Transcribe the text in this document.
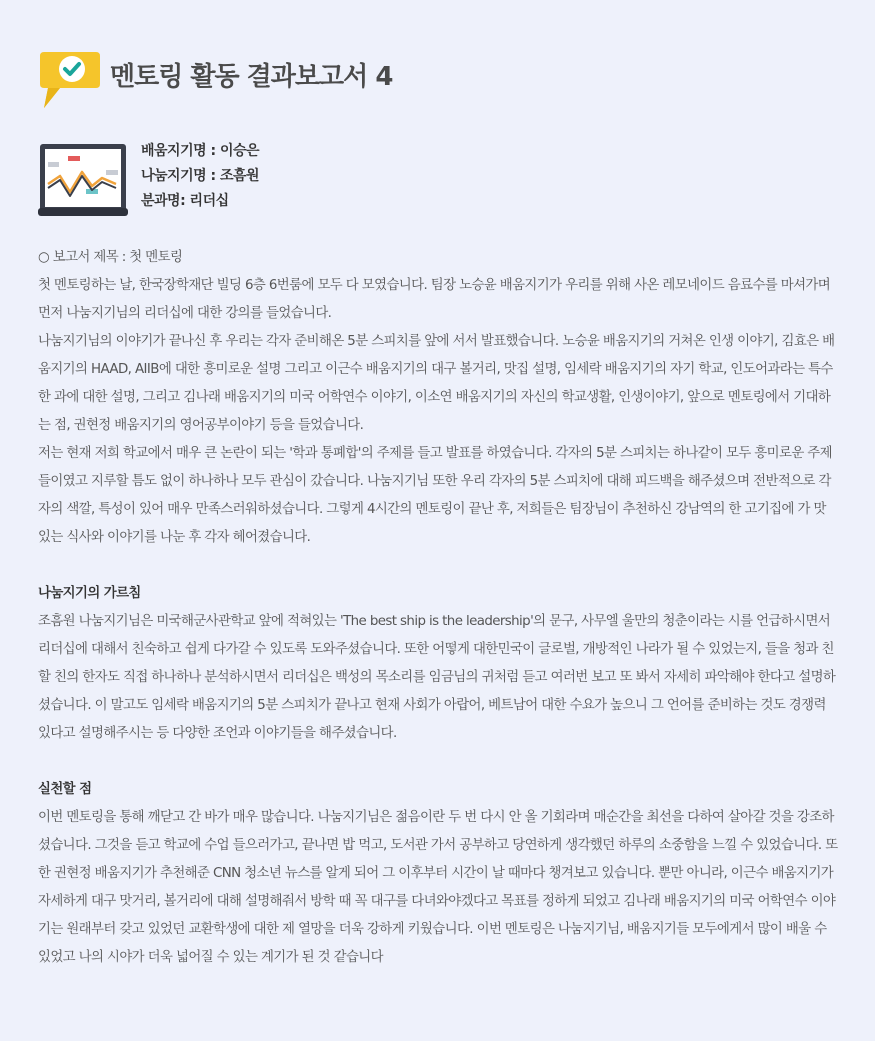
멘토링 활동 결과보고서 4
배움지기명 : 이승은
나눔지기명 : 조흠원
분과명: 리더십

○ 보고서 제목 : 첫 멘토링

첫 멘토링하는 날, 한국장학재단 빌딩 6층 6번룸에 모두 다 모였습니다. 팀장 노승윤 배움지기가 우리를 위해 사온 레모네이드 음료수를 마셔가며 먼저 나눔지기님의 리더십에 대한 강의를 들었습니다.

나눔지기님의 이야기가 끝나신 후 우리는 각자 준비해온 5분 스피치를 앞에 서서 발표했습니다. 노승윤 배움지기의 거쳐온 인생 이야기, 김효은 배움지기의 HAAD, AIIB에 대한 흥미로운 설명 그리고 이근수 배움지기의 대구 볼거리, 맛집 설명, 임세락 배움지기의 자기 학교, 인도어과라는 특수한 과에 대한 설명, 그리고 김나래 배움지기의 미국 어학연수 이야기, 이소연 배움지기의 자신의 학교생활, 인생이야기, 앞으로 멘토링에서 기대하는 점, 권현정 배움지기의 영어공부이야기 등을 들었습니다.

저는 현재 저희 학교에서 매우 큰 논란이 되는 '학과 통폐합'의 주제를 들고 발표를 하였습니다. 각자의 5분 스피치는 하나같이 모두 흥미로운 주제들이였고 지루할 틈도 없이 하나하나 모두 관심이 갔습니다. 나눔지기님 또한 우리 각자의 5분 스피치에 대해 피드백을 해주셨으며 전반적으로 각자의 색깔, 특성이 있어 매우 만족스러워하셨습니다. 그렇게 4시간의 멘토링이 끝난 후, 저희들은 팀장님이 추천하신 강남역의 한 고기집에 가 맛있는 식사와 이야기를 나눈 후 각자 헤어졌습니다.

나눔지기의 가르침

조흠원 나눔지기님은 미국해군사관학교 앞에 적혀있는 'The best ship is the leadership'의 문구, 사무엘 울만의 청춘이라는 시를 언급하시면서 리더십에 대해서 친숙하고 쉽게 다가갈 수 있도록 도와주셨습니다. 또한 어떻게 대한민국이 글로벌, 개방적인 나라가 될 수 있었는지, 들을 청과 친할 친의 한자도 직접 하나하나 분석하시면서 리더십은 백성의 목소리를 임금님의 귀처럼 듣고 여러번 보고 또 봐서 자세히 파악해야 한다고 설명하셨습니다. 이 말고도 임세락 배움지기의 5분 스피치가 끝나고 현재 사회가 아랍어, 베트남어 대한 수요가 높으니 그 언어를 준비하는 것도 경쟁력있다고 설명해주시는 등 다양한 조언과 이야기들을 해주셨습니다.

실천할 점

이번 멘토링을 통해 깨닫고 간 바가 매우 많습니다. 나눔지기님은 젊음이란 두 번 다시 안 올 기회라며 매순간을 최선을 다하여 살아갈 것을 강조하셨습니다. 그것을 듣고 학교에 수업 들으러가고, 끝나면 밥 먹고, 도서관 가서 공부하고 당연하게 생각했던 하루의 소중함을 느낄 수 있었습니다. 또한 권현정 배움지기가 추천해준 CNN 청소년 뉴스를 알게 되어 그 이후부터 시간이 날 때마다 챙겨보고 있습니다. 뿐만 아니라, 이근수 배움지기가 자세하게 대구 맛거리, 볼거리에 대해 설명해줘서 방학 때 꼭 대구를 다녀와야겠다고 목표를 정하게 되었고 김나래 배움지기의 미국 어학연수 이야기는 원래부터 갖고 있었던 교환학생에 대한 제 열망을 더욱 강하게 키웠습니다. 이번 멘토링은 나눔지기님, 배움지기들 모두에게서 많이 배울 수 있었고 나의 시야가 더욱 넓어질 수 있는 계기가 된 것 같습니다
